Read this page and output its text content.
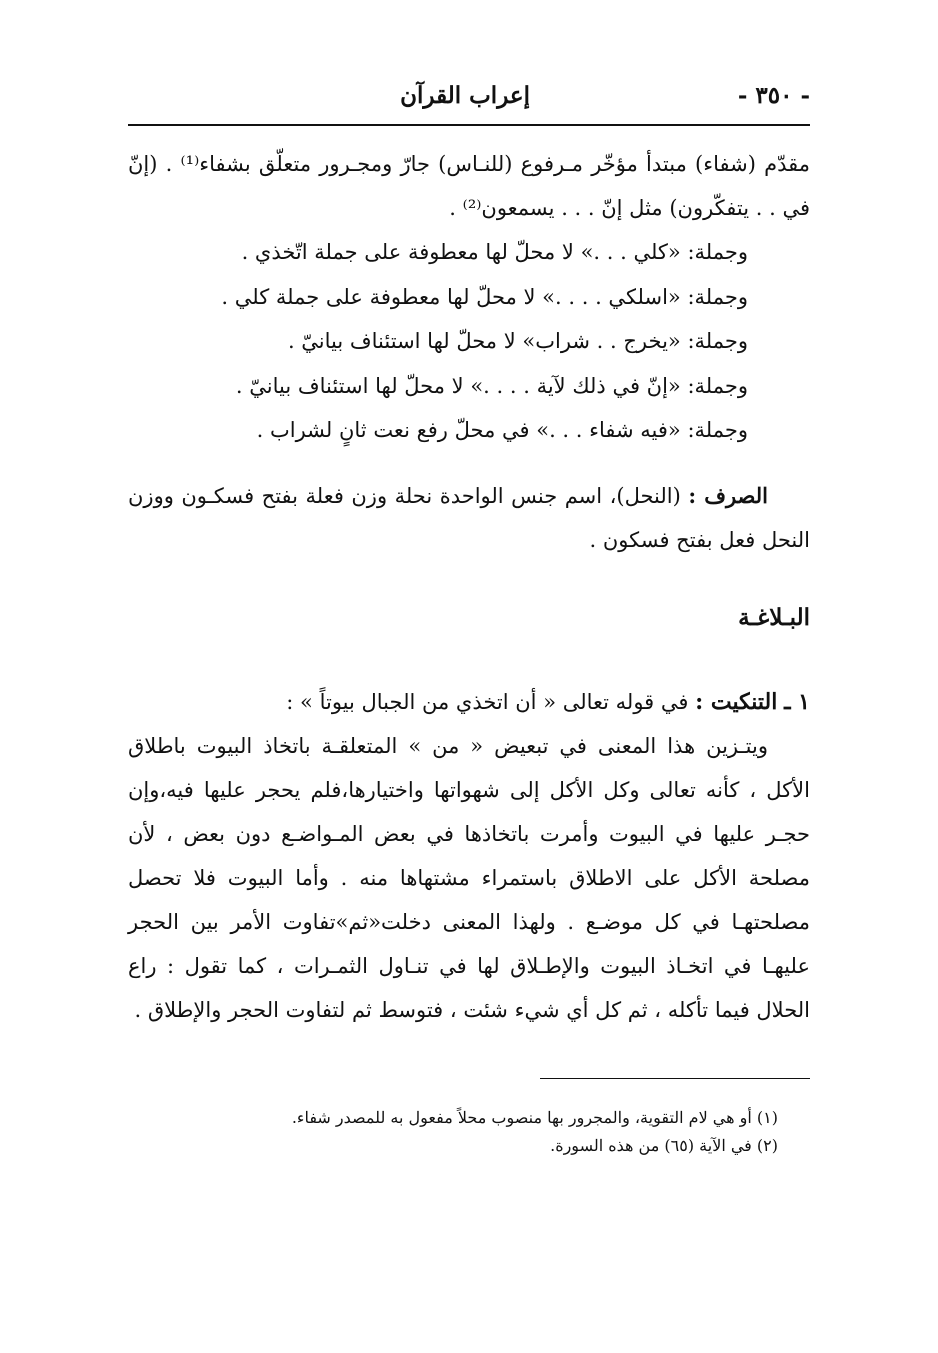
- ٣٥٠ -
إعراب القرآن
مقدّم (شفاء) مبتدأ مؤخّر مـرفوع (للنـاس) جارّ ومجـرور متعلّق بشفاء⁽¹⁾ . (إنّ في . . يتفكّرون) مثل إنّ . . . يسمعون⁽²⁾ .
وجملة: «كلي . . .» لا محلّ لها معطوفة على جملة اتّخذي .
وجملة: «اسلكي . . . .» لا محلّ لها معطوفة على جملة كلي .
وجملة: «يخرج . . شراب» لا محلّ لها استئناف بيانيّ .
وجملة: «إنّ في ذلك لآية . . . .» لا محلّ لها استئناف بيانيّ .
وجملة: «فيه شفاء . . .» في محلّ رفع نعت ثانٍ لشراب .
الصرف : (النحل)، اسم جنس الواحدة نحلة وزن فعلة بفتح فسكـون ووزن النحل فعل بفتح فسكون .
البـلاغـة
١ ـ التنكيت : في قوله تعالى « أن اتخذي من الجبال بيوتاً » :
ويتـزين هذا المعنى في تبعيض « من » المتعلقـة باتخاذ البيوت باطلاق الأكل ، كأنه تعالى وكل الأكل إلى شهواتها واختيارها،فلم يحجر عليها فيه،وإن حجـر عليها في البيوت وأمرت باتخاذها في بعض المـواضـع دون بعض ، لأن مصلحة الأكل على الاطلاق باستمراء مشتهاها منه . وأما البيوت فلا تحصل مصلحتهـا في كل موضـع . ولهذا المعنى دخلت«ثم»تفاوت الأمر بين الحجر عليهـا في اتخـاذ البيوت والإطـلاق لها في تنـاول الثمـرات ، كما تقول : راع الحلال فيما تأكله ، ثم كل أي شيء شئت ، فتوسط ثم لتفاوت الحجر والإطلاق .
(١) أو هي لام التقوية، والمجرور بها منصوب محلاً مفعول به للمصدر شفاء.
(٢) في الآية (٦٥) من هذه السورة.
